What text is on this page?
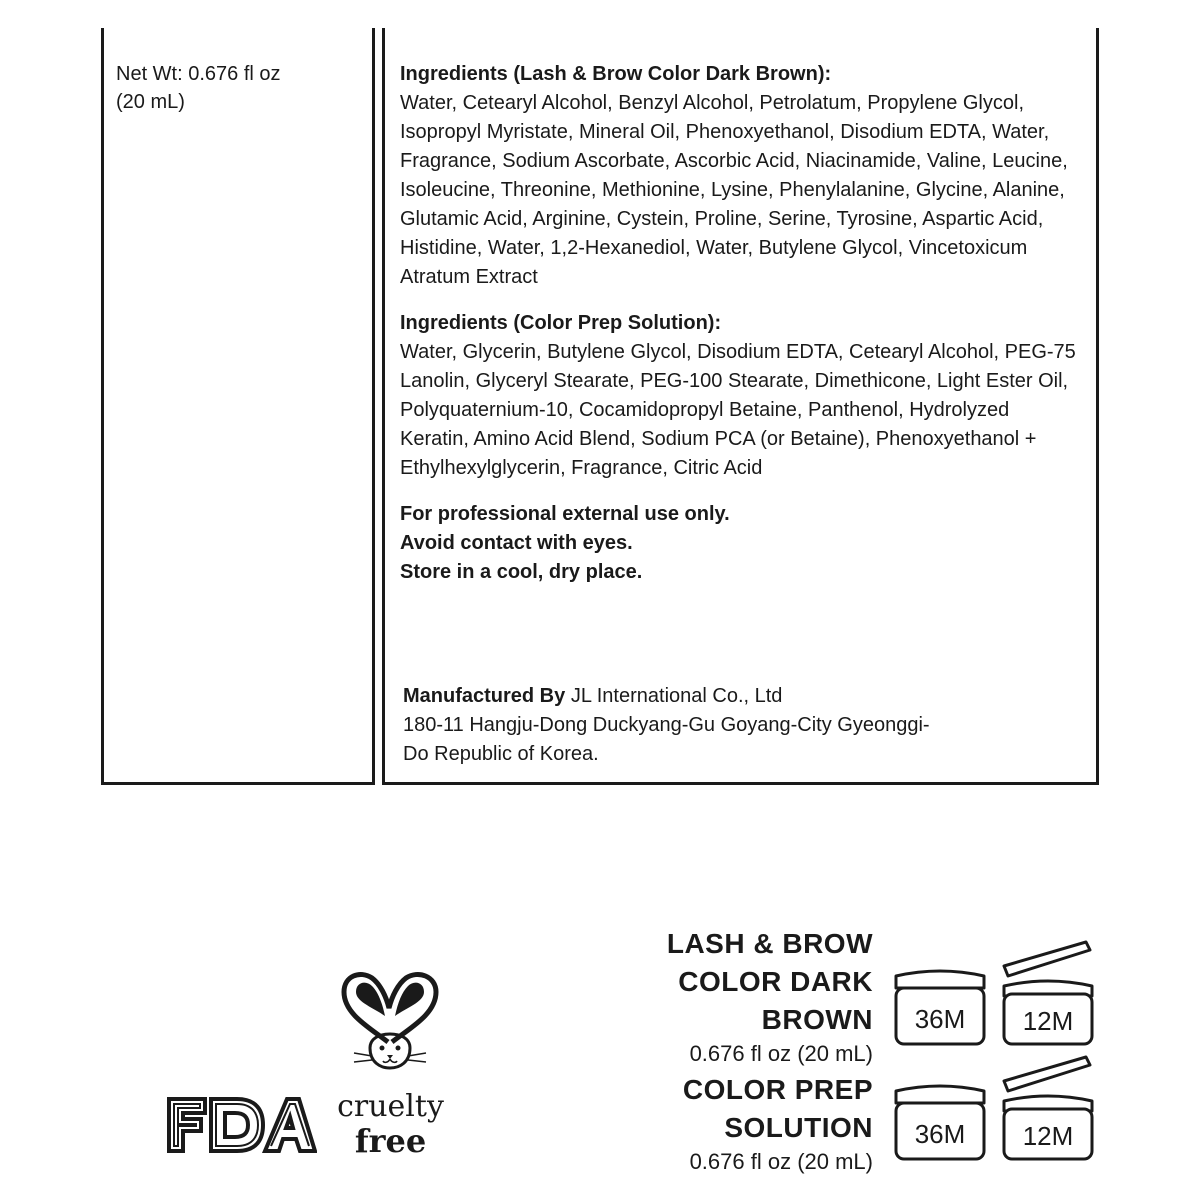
Net Wt: 0.676 fl oz
(20 mL)
Ingredients (Lash & Brow Color Dark Brown):

Water, Cetearyl Alcohol, Benzyl Alcohol, Petrolatum, Propylene Glycol, Isopropyl Myristate, Mineral Oil, Phenoxyethanol, Disodium EDTA, Water, Fragrance, Sodium Ascorbate, Ascorbic Acid, Niacinamide, Valine, Leucine, Isoleucine, Threonine, Methionine, Lysine, Phenylalanine, Glycine, Alanine, Glutamic Acid, Arginine, Cystein, Proline, Serine, Tyrosine, Aspartic Acid, Histidine, Water, 1,2-Hexanediol, Water, Butylene Glycol, Vincetoxicum Atratum Extract

Ingredients (Color Prep Solution):

Water, Glycerin, Butylene Glycol, Disodium EDTA, Cetearyl Alcohol, PEG-75 Lanolin, Glyceryl Stearate, PEG-100 Stearate, Dimethicone, Light Ester Oil, Polyquaternium-10, Cocamidopropyl Betaine, Panthenol, Hydrolyzed Keratin, Amino Acid Blend, Sodium PCA (or Betaine), Phenoxyethanol + Ethylhexylglycerin, Fragrance, Citric Acid

For professional external use only.
Avoid contact with eyes.
Store in a cool, dry place.
Manufactured By JL International Co., Ltd
180-11 Hangju-Dong Duckyang-Gu Goyang-City Gyeonggi-
Do Republic of Korea.
cruelty
free
LASH & BROW
COLOR DARK
BROWN
0.676 fl oz (20 mL)
COLOR PREP
SOLUTION
0.676 fl oz (20 mL)
36M 12M
36M 12M
